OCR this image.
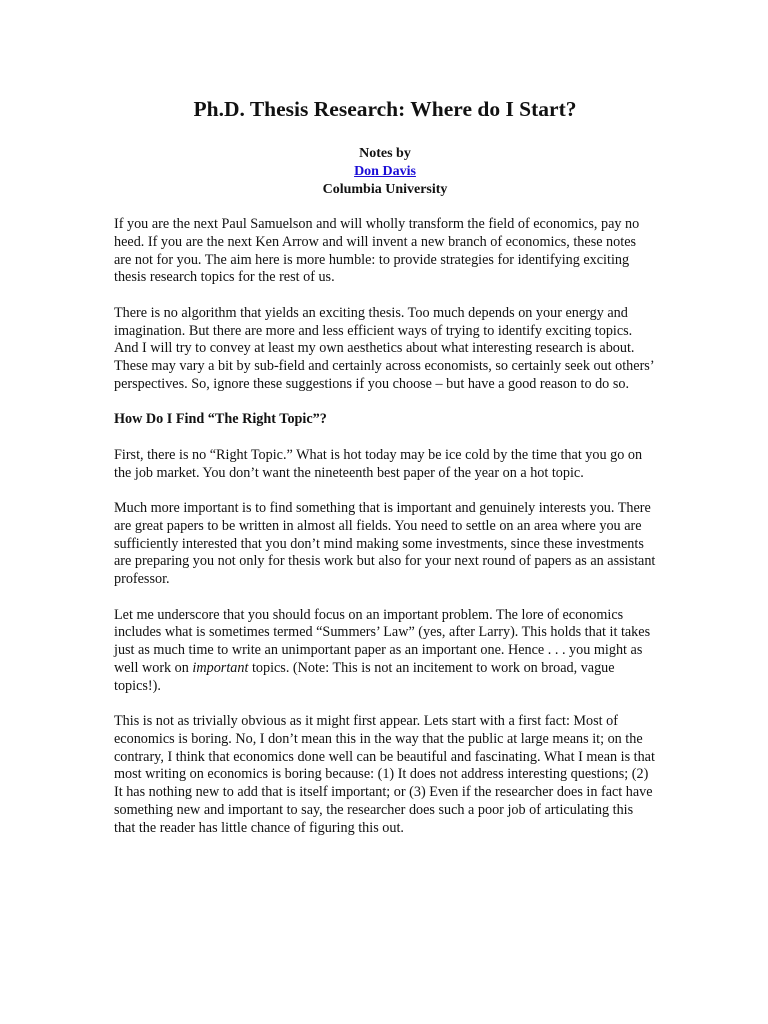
Ph.D. Thesis Research: Where do I Start?

Notes by

Don Davis

Columbia University

If you are the next Paul Samuelson and will wholly transform the field of economics, pay no heed. If you are the next Ken Arrow and will invent a new branch of economics, these notes are not for you. The aim here is more humble: to provide strategies for identifying exciting thesis research topics for the rest of us.

There is no algorithm that yields an exciting thesis. Too much depends on your energy and imagination. But there are more and less efficient ways of trying to identify exciting topics. And I will try to convey at least my own aesthetics about what interesting research is about. These may vary a bit by sub-field and certainly across economists, so certainly seek out others’ perspectives. So, ignore these suggestions if you choose – but have a good reason to do so.

How Do I Find “The Right Topic”?

First, there is no “Right Topic.” What is hot today may be ice cold by the time that you go on the job market. You don’t want the nineteenth best paper of the year on a hot topic.

Much more important is to find something that is important and genuinely interests you. There are great papers to be written in almost all fields. You need to settle on an area where you are sufficiently interested that you don’t mind making some investments, since these investments are preparing you not only for thesis work but also for your next round of papers as an assistant professor.

Let me underscore that you should focus on an important problem. The lore of economics includes what is sometimes termed “Summers’ Law” (yes, after Larry). This holds that it takes just as much time to write an unimportant paper as an important one. Hence . . . you might as well work on important topics. (Note: This is not an incitement to work on broad, vague topics!).

This is not as trivially obvious as it might first appear. Lets start with a first fact: Most of economics is boring. No, I don’t mean this in the way that the public at large means it; on the contrary, I think that economics done well can be beautiful and fascinating. What I mean is that most writing on economics is boring because: (1) It does not address interesting questions; (2) It has nothing new to add that is itself important; or (3) Even if the researcher does in fact have something new and important to say, the researcher does such a poor job of articulating this that the reader has little chance of figuring this out.
